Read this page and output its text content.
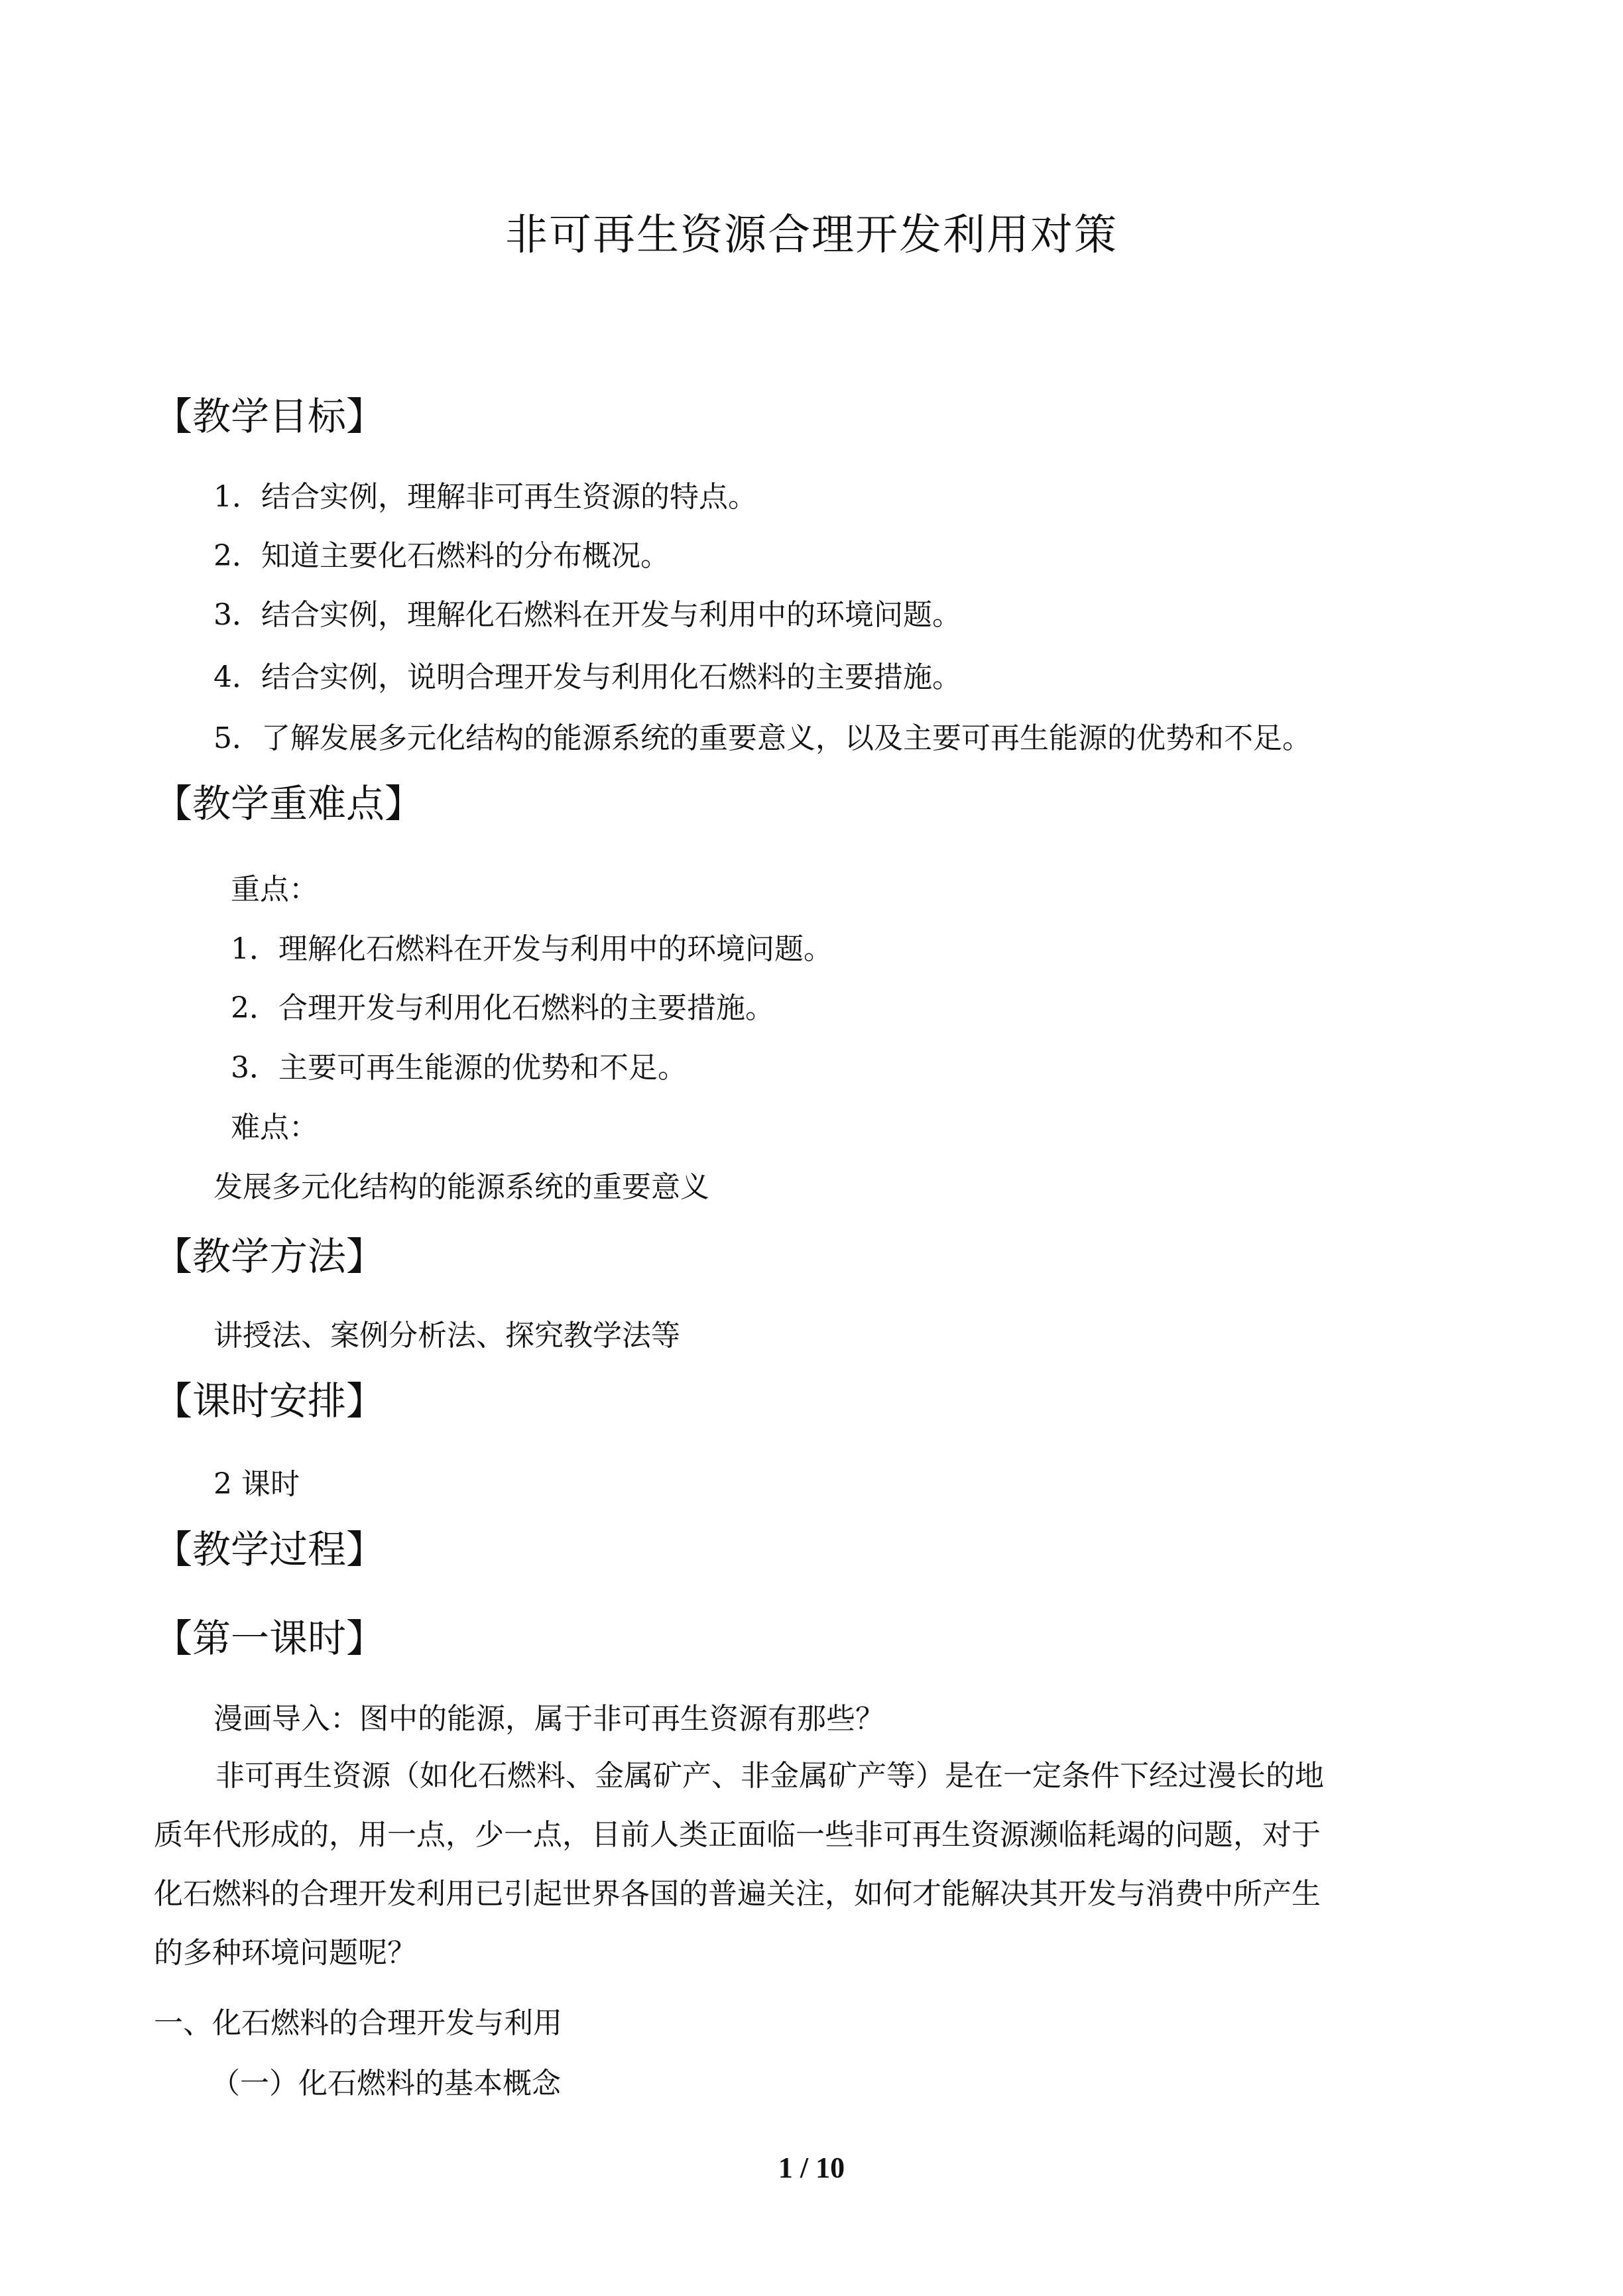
非可再生资源合理开发利用对策
【教学目标】
1．结合实例，理解非可再生资源的特点。
2．知道主要化石燃料的分布概况。
3．结合实例，理解化石燃料在开发与利用中的环境问题。
4．结合实例，说明合理开发与利用化石燃料的主要措施。
5．了解发展多元化结构的能源系统的重要意义，以及主要可再生能源的优势和不足。
【教学重难点】
重点：
1．理解化石燃料在开发与利用中的环境问题。
2．合理开发与利用化石燃料的主要措施。
3．主要可再生能源的优势和不足。
难点：
发展多元化结构的能源系统的重要意义
【教学方法】
讲授法、案例分析法、探究教学法等
【课时安排】
2 课时
【教学过程】
【第一课时】
漫画导入：图中的能源，属于非可再生资源有那些？
非可再生资源（如化石燃料、金属矿产、非金属矿产等）是在一定条件下经过漫长的地
质年代形成的，用一点，少一点，目前人类正面临一些非可再生资源濒临耗竭的问题，对于
化石燃料的合理开发利用已引起世界各国的普遍关注，如何才能解决其开发与消费中所产生
的多种环境问题呢？
一、化石燃料的合理开发与利用
（一）化石燃料的基本概念
1 / 10
